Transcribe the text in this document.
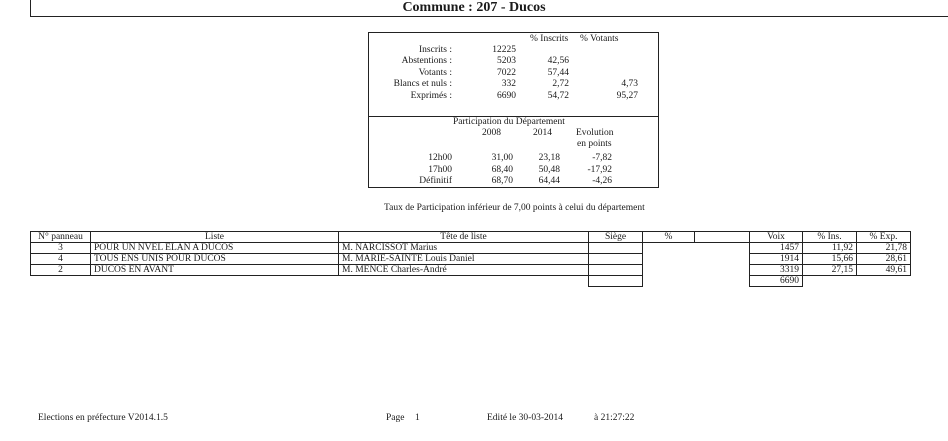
Commune : 207 - Ducos
% Inscrits % Votants
Inscrits :	12225
Abstentions :	5203	42,56
Votants :	7022	57,44
Blancs et nuls :	332	2,72	4,73
Exprimés :	6690	54,72	95,27
Participation du Département
2008	2014	Evolution
en points
12h00	31,00	23,18	-7,82
17h00	68,40	50,48	-17,92
Définitif	68,70	64,44	-4,26
Taux de Participation inférieur de 7,00 points à celui du département
N° panneau	Liste	Tête de liste	Siège	%		Voix	% Ins.	% Exp.
3	POUR UN NVEL ELAN A DUCOS	M. NARCISSOT Marius				1457	11,92	21,78
4	TOUS ENS UNIS POUR DUCOS	M. MARIE-SAINTE Louis Daniel				1914	15,66	28,61
2	DUCOS EN AVANT	M. MENCE Charles-André				3319	27,15	49,61
						6690		
Elections en préfecture V2014.1.5	Page 1	Edité le 30-03-2014	à 21:27:22
